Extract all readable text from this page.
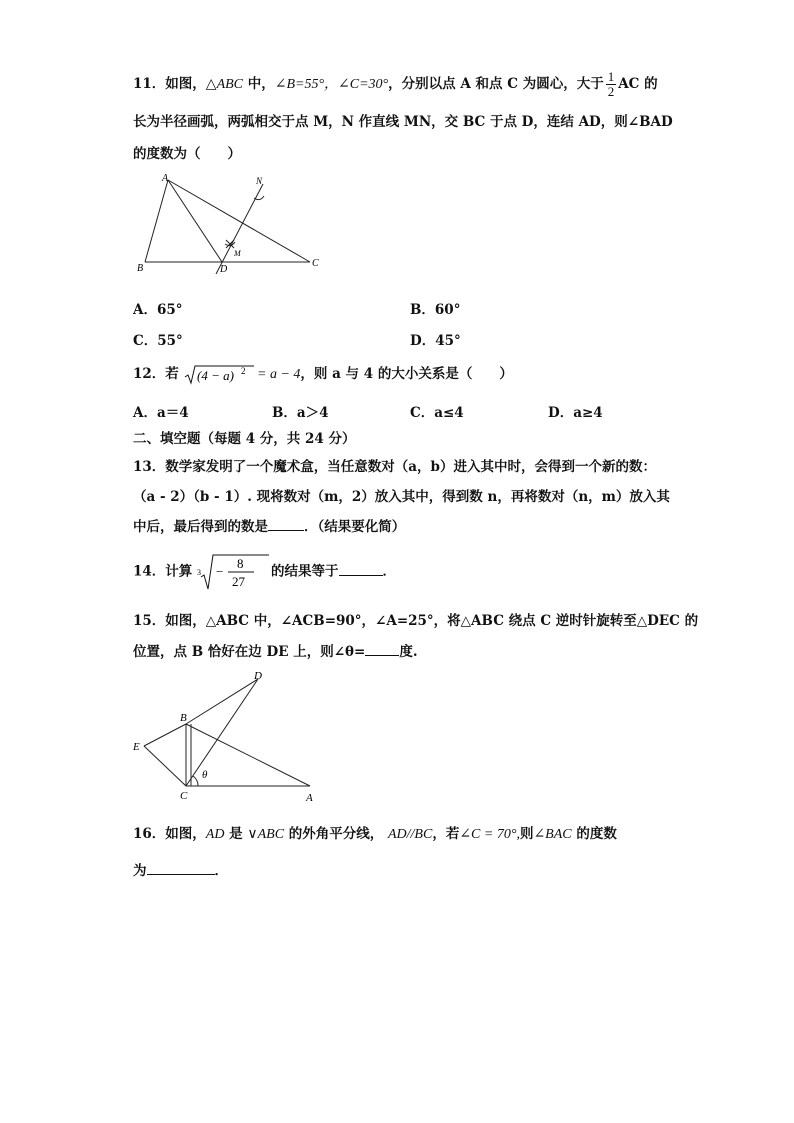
11．如图，△ABC 中，∠B=55°，∠C=30°，分别以点 A 和点 C 为圆心，大于 $\frac{1}{2}$ AC 的
长为半径画弧，两弧相交于点 M，N 作直线 MN，交 BC 于点 D，连结 AD，则∠BAD
的度数为（　　）
A
B	C
D
M
N
A．65°	B．60°
C．55°	D．45°
12．若 (4 − a) 2 = a − 4，则 a 与 4 的大小关系是（　　）
A．a＝4	B．a＞4	C．a≤4	D．a≥4
二、填空题（每题 4 分，共 24 分）
13．数学家发明了一个魔术盒，当任意数对（a，b）进入其中时，会得到一个新的数：
（a - 2）（b - 1）. 现将数对（m，2）放入其中，得到数 n，再将数对（n，m）放入其
中后，最后得到的数是	．（结果要化简）
14．计算 3 −
8
27
的结果等于	．
15．如图，△ABC 中，∠ACB=90°，∠A=25°，将△ABC 绕点 C 逆时针旋转至△DEC 的
位置，点 B 恰好在边 DE 上，则∠θ=	度.
D
B
E
C	A
θ
16．如图，AD 是 ∨ABC 的外角平分线， AD//BC，若∠C = 70°,则∠BAC 的度数
为	．
